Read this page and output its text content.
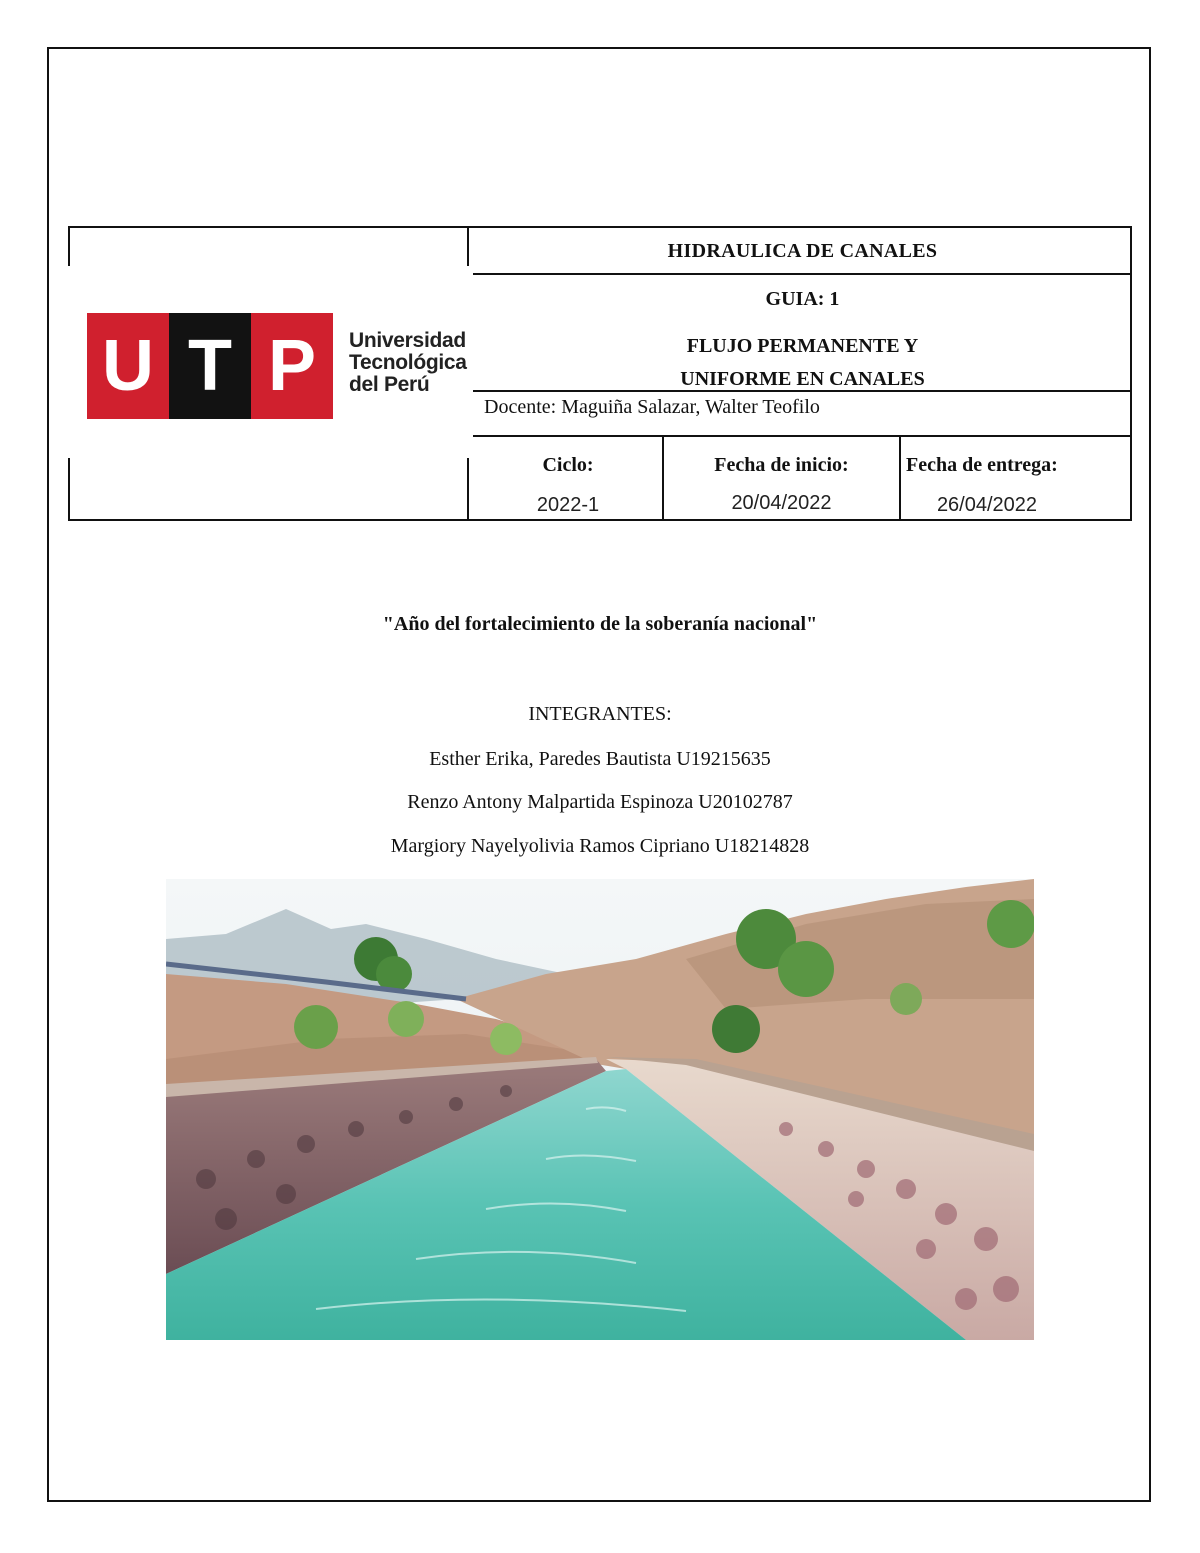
HIDRAULICA DE CANALES
GUIA: 1
FLUJO PERMANENTE Y
UNIFORME EN CANALES
Docente: Maguiña Salazar, Walter Teofilo
Ciclo:
2022-1
Fecha de inicio:
20/04/2022
Fecha de entrega:
26/04/2022
U T P	Universidad
Tecnológica
del Perú
"Año del fortalecimiento de la soberanía nacional"
INTEGRANTES:
Esther Erika, Paredes Bautista U19215635
Renzo Antony Malpartida Espinoza U20102787
Margiory Nayelyolivia Ramos Cipriano U18214828
